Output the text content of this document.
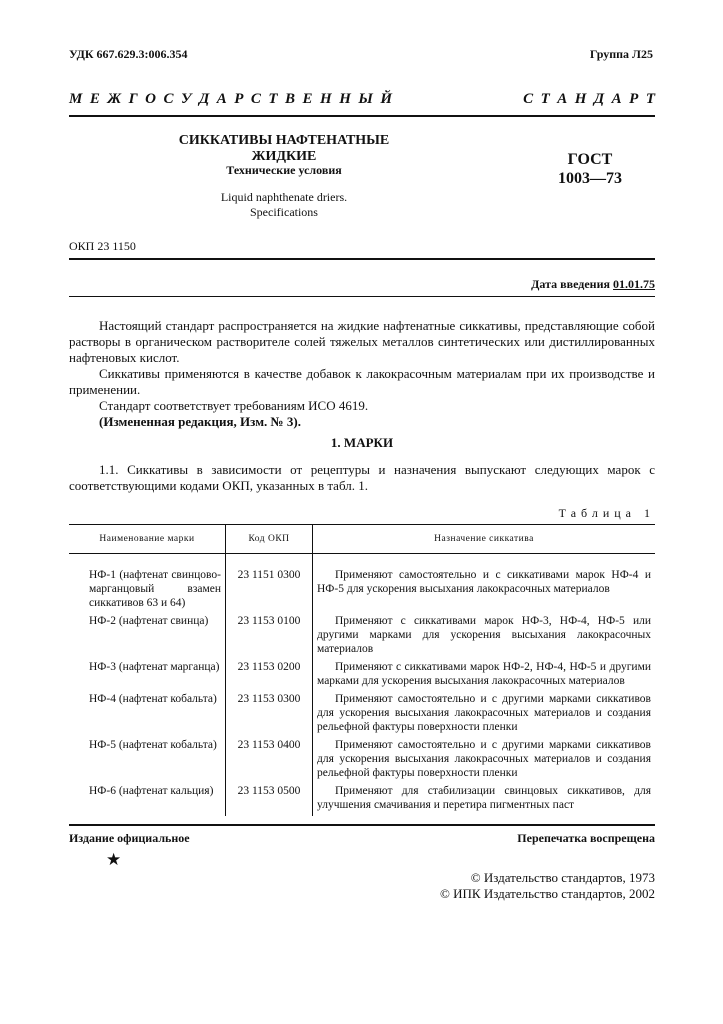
УДК 667.629.3:006.354	Группа Л25
М Е Ж Г О С У Д А Р С Т В Е Н Н Ы Й	С Т А Н Д А Р Т
СИККАТИВЫ НАФТЕНАТНЫЕ ЖИДКИЕ
Технические условия
Liquid naphthenate driers.
Specifications
ГОСТ
1003—73
ОКП 23 1150
Дата введения 01.01.75
Настоящий стандарт распространяется на жидкие нафтенатные сиккативы, представляющие собой растворы в органическом растворителе солей тяжелых металлов синтетических или дистиллированных нафтеновых кислот.
Сиккативы применяются в качестве добавок к лакокрасочным материалам при их производстве и применении.
Стандарт соответствует требованиям ИСО 4619.
(Измененная редакция, Изм. № 3).
1. МАРКИ
1.1. Сиккативы в зависимости от рецептуры и назначения выпускают следующих марок с соответствующими кодами ОКП, указанных в табл. 1.
Таблица 1
Наименование марки	Код ОКП	Назначение сиккатива
НФ-1 (нафтенат свинцово-марганцовый взамен сиккативов 63 и 64)	23 1151 0300	Применяют самостоятельно и с сиккативами марок НФ-4 и НФ-5 для ускорения высыхания лакокрасочных материалов
НФ-2 (нафтенат свинца)	23 1153 0100	Применяют с сиккативами марок НФ-3, НФ-4, НФ-5 или другими марками для ускорения высыхания лакокрасочных материалов
НФ-3 (нафтенат марганца)	23 1153 0200	Применяют с сиккативами марок НФ-2, НФ-4, НФ-5 и другими марками для ускорения высыхания лакокрасочных материалов
НФ-4 (нафтенат кобальта)	23 1153 0300	Применяют самостоятельно и с другими марками сиккативов для ускорения высыхания лакокрасочных материалов и создания рельефной фактуры поверхности пленки
НФ-5 (нафтенат кобальта)	23 1153 0400	Применяют самостоятельно и с другими марками сиккативов для ускорения высыхания лакокрасочных материалов и создания рельефной фактуры поверхности пленки
НФ-6 (нафтенат кальция)	23 1153 0500	Применяют для стабилизации свинцовых сиккативов, для улучшения смачивания и перетира пигментных паст
Издание официальное	Перепечатка воспрещена
★
© Издательство стандартов, 1973
© ИПК Издательство стандартов, 2002
